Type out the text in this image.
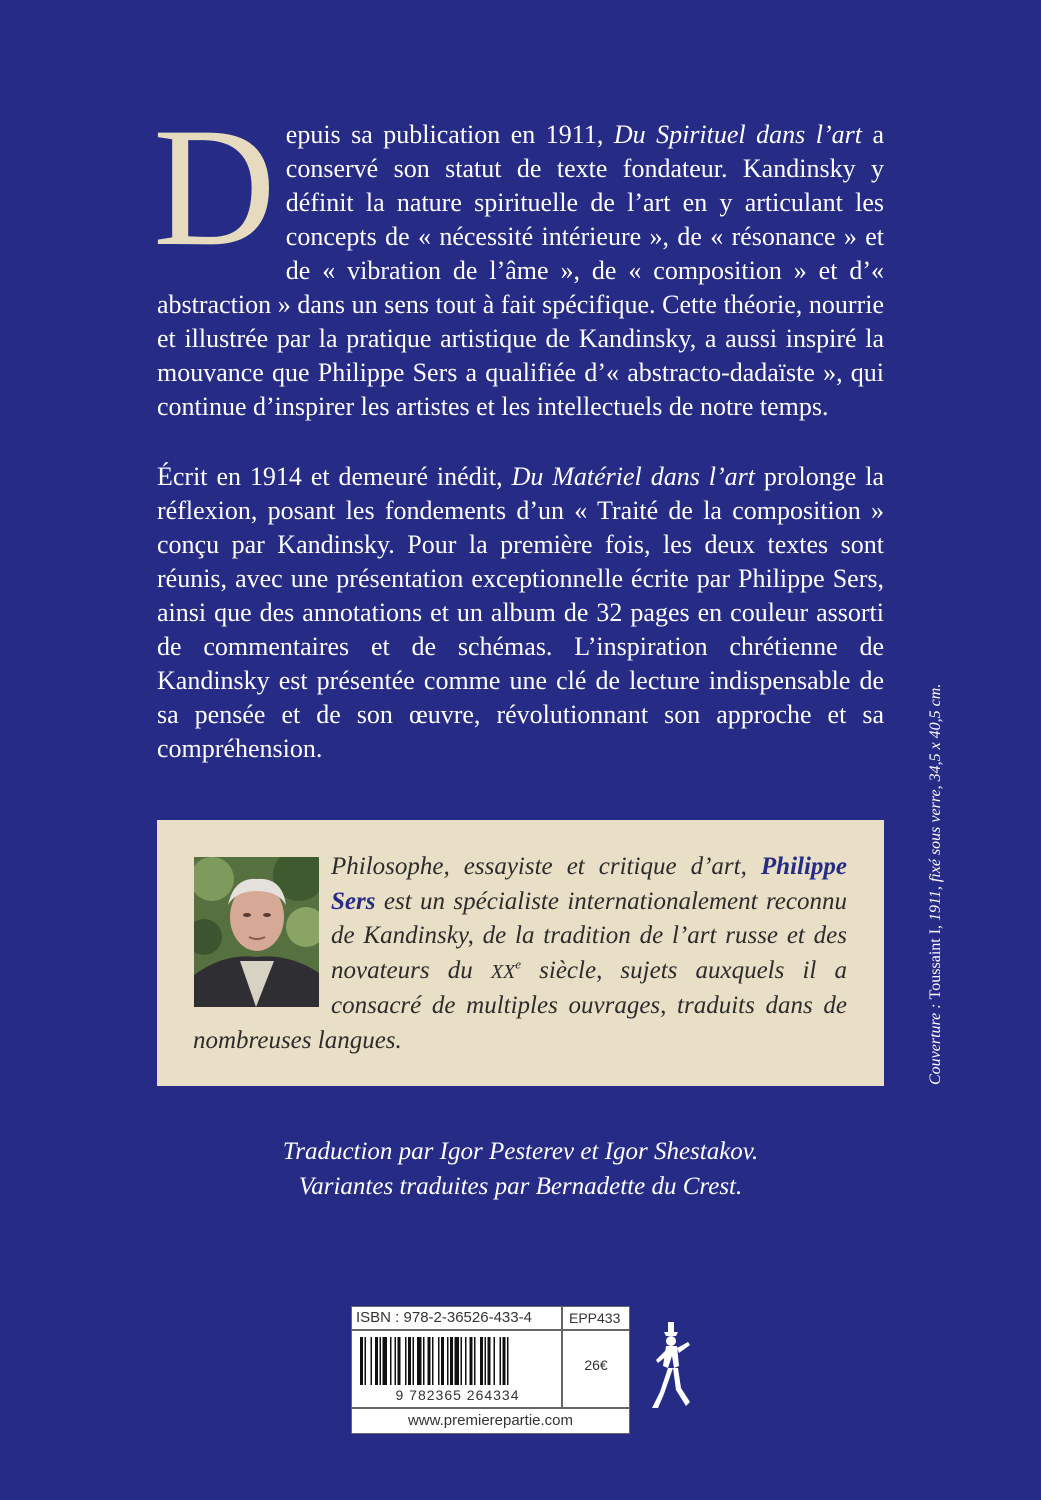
Depuis sa publication en 1911, Du Spirituel dans l’art a conservé son statut de texte fondateur. Kandinsky y définit la nature spirituelle de l’art en y articulant les concepts de « nécessité intérieure », de « résonance » et de « vibration de l’âme », de « composition » et d’« abstraction » dans un sens tout à fait spécifique. Cette théorie, nourrie et illustrée par la pratique artistique de Kandinsky, a aussi inspiré la mouvance que Philippe Sers a qualifiée d’« abstracto-dadaïste », qui continue d’inspirer les artistes et les intellectuels de notre temps.
Écrit en 1914 et demeuré inédit, Du Matériel dans l’art prolonge la réflexion, posant les fondements d’un « Traité de la composition » conçu par Kandinsky. Pour la première fois, les deux textes sont réunis, avec une présentation exceptionnelle écrite par Philippe Sers, ainsi que des annotations et un album de 32 pages en couleur assorti de commentaires et de schémas. L’inspiration chrétienne de Kandinsky est présentée comme une clé de lecture indispensable de sa pensée et de son œuvre, révolutionnant son approche et sa compréhension.
Philosophe, essayiste et critique d’art, Philippe Sers est un spécialiste internationalement reconnu de Kandinsky, de la tradition de l’art russe et des novateurs du XXe siècle, sujets auxquels il a consacré de multiples ouvrages, traduits dans de nombreuses langues.
Traduction par Igor Pesterev et Igor Shestakov.
Variantes traduites par Bernadette du Crest.
ISBN : 978-2-36526-433-4	EPP433
9 782365 264334
26€
www.premierepartie.com
Couverture : Toussaint I, 1911, fixé sous verre, 34,5 x 40,5 cm.
